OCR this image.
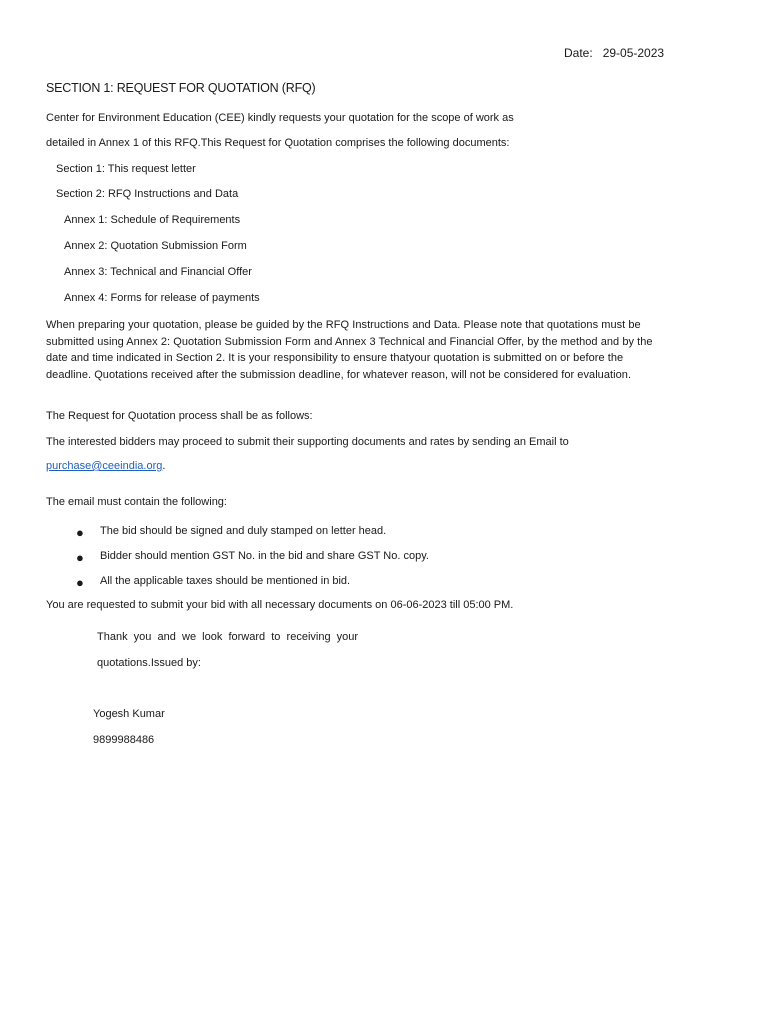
Date: 29-05-2023
SECTION 1: REQUEST FOR QUOTATION (RFQ)
Center for Environment Education (CEE) kindly requests your quotation for the scope of work as
detailed in Annex 1 of this RFQ.This Request for Quotation comprises the following documents:
Section 1: This request letter
Section 2: RFQ Instructions and Data
Annex 1: Schedule of Requirements
Annex 2: Quotation Submission Form
Annex 3: Technical and Financial Offer
Annex 4: Forms for release of payments
When preparing your quotation, please be guided by the RFQ Instructions and Data. Please note that quotations must be submitted using Annex 2: Quotation Submission Form and Annex 3 Technical and Financial Offer, by the method and by the date and time indicated in Section 2. It is your responsibility to ensure thatyour quotation is submitted on or before the deadline. Quotations received after the submission deadline, for whatever reason, will not be considered for evaluation.
The Request for Quotation process shall be as follows:
The interested bidders may proceed to submit their supporting documents and rates by sending an Email to
purchase@ceeindia.org.
The email must contain the following:
● The bid should be signed and duly stamped on letter head.
● Bidder should mention GST No. in the bid and share GST No. copy.
● All the applicable taxes should be mentioned in bid.
You are requested to submit your bid with all necessary documents on 06-06-2023 till 05:00 PM.
Thank  you  and  we  look  forward  to  receiving  your
quotations.Issued by:
Yogesh Kumar
9899988486
